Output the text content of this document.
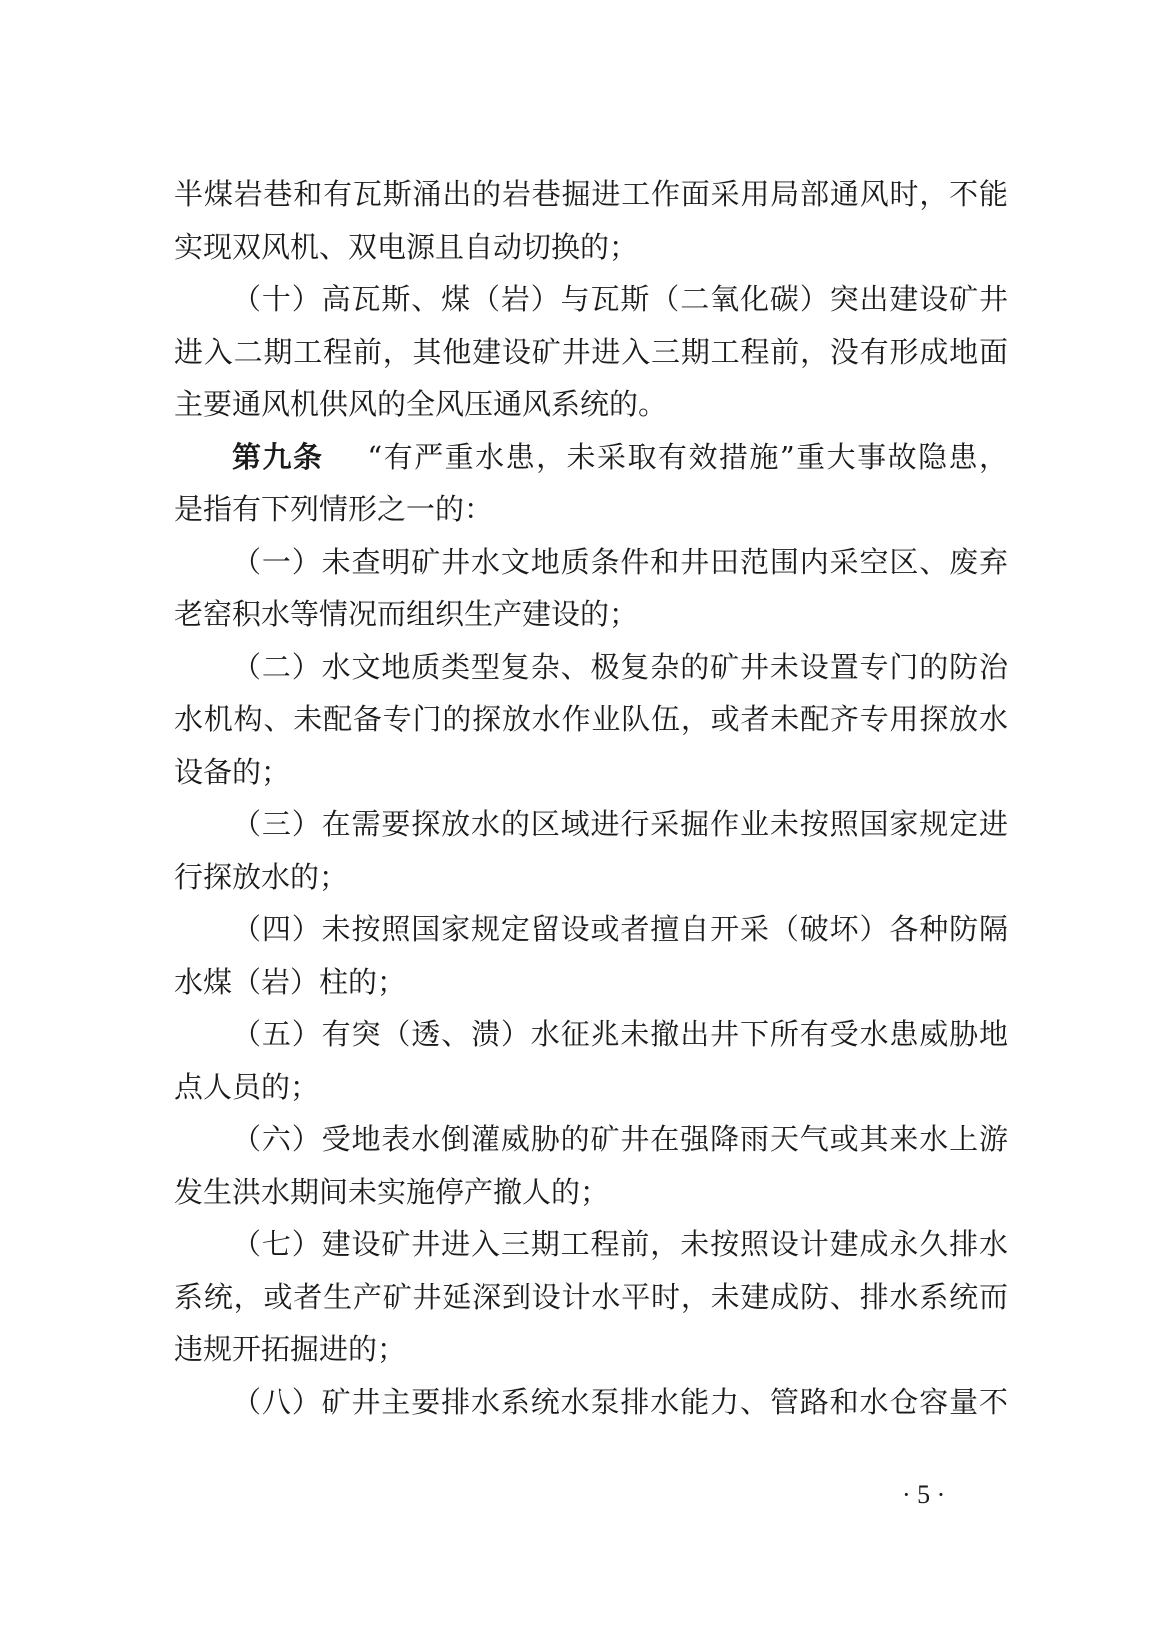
半煤岩巷和有瓦斯涌出的岩巷掘进工作面采用局部通风时，不能
实现双风机、双电源且自动切换的；
（十）高瓦斯、煤（岩）与瓦斯（二氧化碳）突出建设矿井
进入二期工程前，其他建设矿井进入三期工程前，没有形成地面
主要通风机供风的全风压通风系统的。
第九条 “有严重水患，未采取有效措施”重大事故隐患，
是指有下列情形之一的：
（一）未查明矿井水文地质条件和井田范围内采空区、废弃
老窑积水等情况而组织生产建设的；
（二）水文地质类型复杂、极复杂的矿井未设置专门的防治
水机构、未配备专门的探放水作业队伍，或者未配齐专用探放水
设备的；
（三）在需要探放水的区域进行采掘作业未按照国家规定进
行探放水的；
（四）未按照国家规定留设或者擅自开采（破坏）各种防隔
水煤（岩）柱的；
（五）有突（透、溃）水征兆未撤出井下所有受水患威胁地
点人员的；
（六）受地表水倒灌威胁的矿井在强降雨天气或其来水上游
发生洪水期间未实施停产撤人的；
（七）建设矿井进入三期工程前，未按照设计建成永久排水
系统，或者生产矿井延深到设计水平时，未建成防、排水系统而
违规开拓掘进的；
（八）矿井主要排水系统水泵排水能力、管路和水仓容量不
· 5 ·
